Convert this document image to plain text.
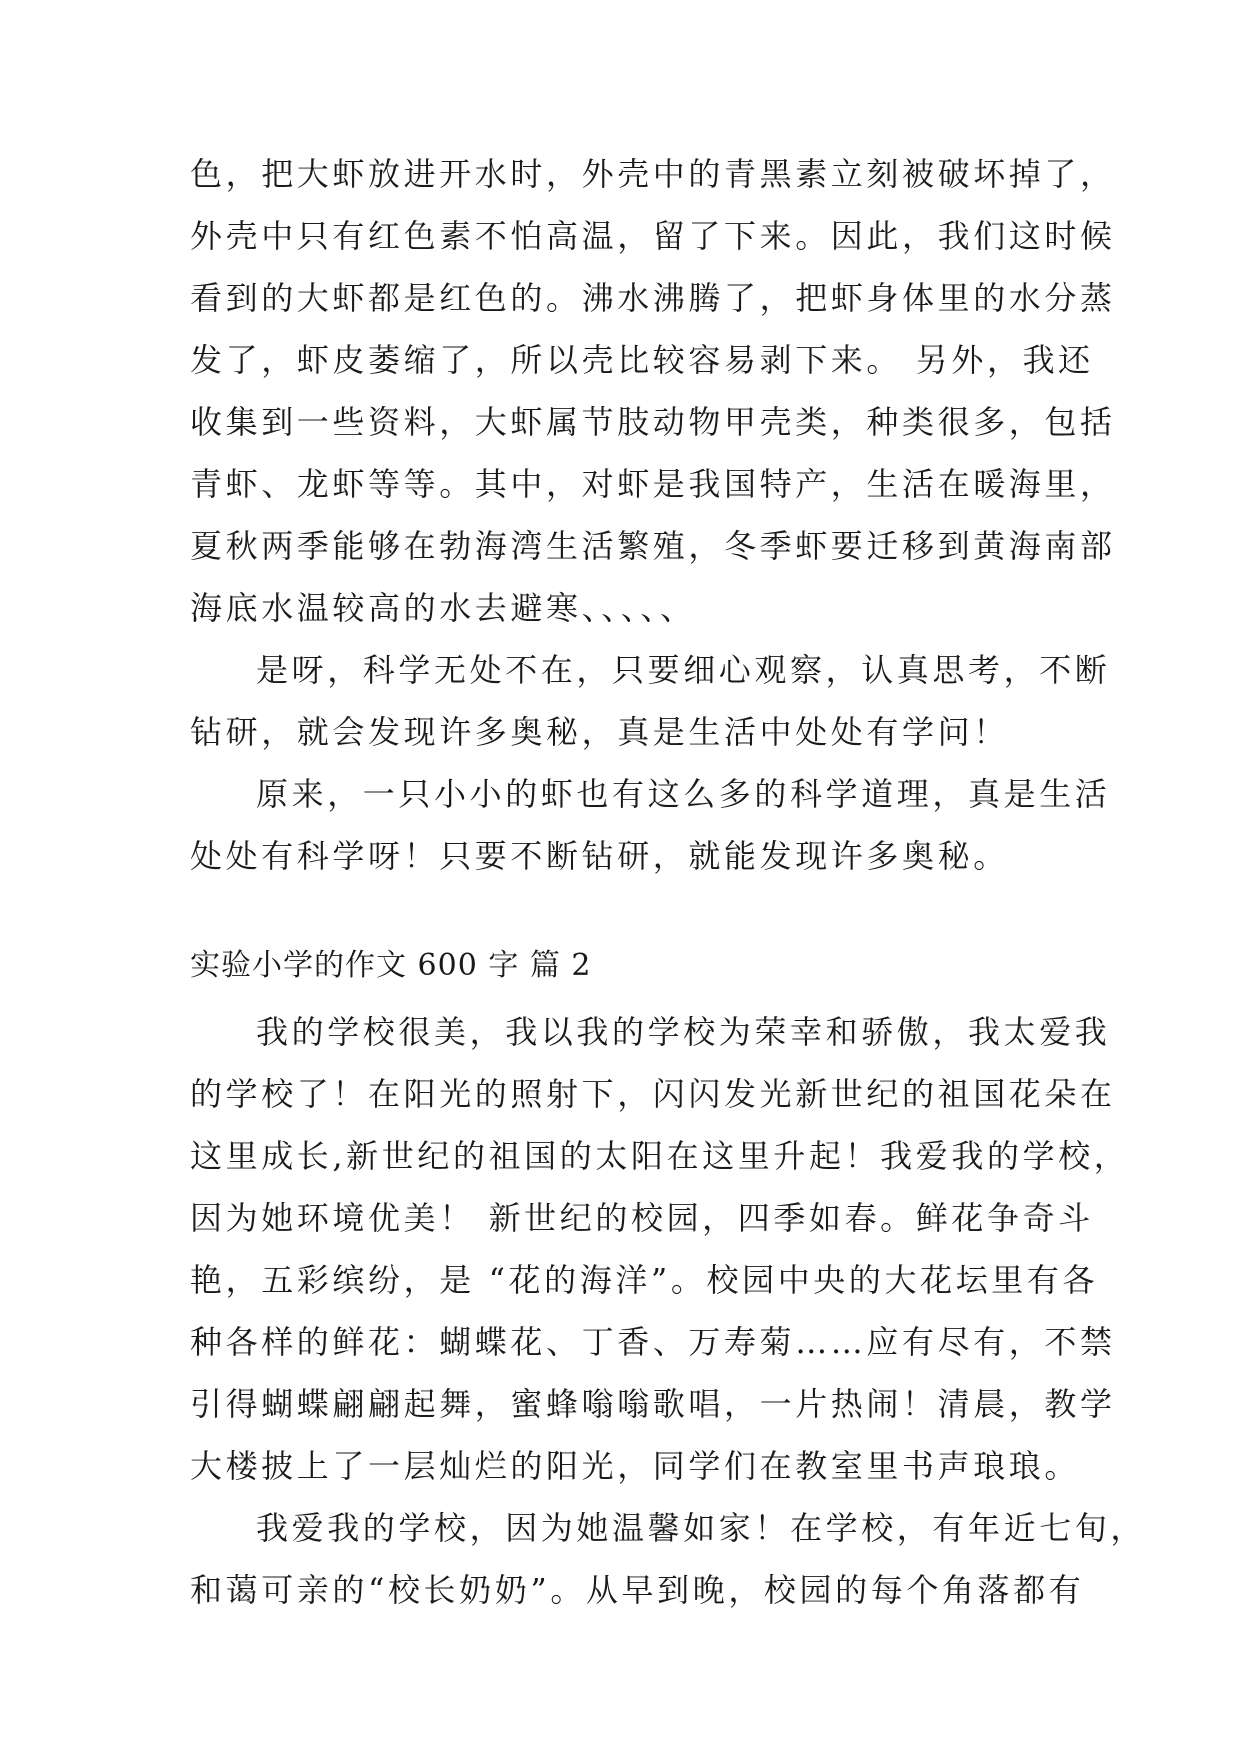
色，把大虾放进开水时，外壳中的青黑素立刻被破坏掉了，
外壳中只有红色素不怕高温，留了下来。因此，我们这时候
看到的大虾都是红色的。沸水沸腾了，把虾身体里的水分蒸
发了，虾皮萎缩了，所以壳比较容易剥下来。 另外，我还
收集到一些资料，大虾属节肢动物甲壳类，种类很多，包括
青虾、龙虾等等。其中，对虾是我国特产，生活在暖海里，
夏秋两季能够在勃海湾生活繁殖，冬季虾要迁移到黄海南部
海底水温较高的水去避寒、、、、、
是呀，科学无处不在，只要细心观察，认真思考，不断
钻研，就会发现许多奥秘，真是生活中处处有学问！
原来，一只小小的虾也有这么多的科学道理，真是生活
处处有科学呀！只要不断钻研，就能发现许多奥秘。
实验小学的作文 600 字 篇 2
我的学校很美，我以我的学校为荣幸和骄傲，我太爱我
的学校了！在阳光的照射下，闪闪发光新世纪的祖国花朵在
这里成长,新世纪的祖国的太阳在这里升起！我爱我的学校，
因为她环境优美！ 新世纪的校园，四季如春。鲜花争奇斗
艳，五彩缤纷，是 “花的海洋”。校园中央的大花坛里有各
种各样的鲜花：蝴蝶花、丁香、万寿菊……应有尽有，不禁
引得蝴蝶翩翩起舞，蜜蜂嗡嗡歌唱，一片热闹！清晨，教学
大楼披上了一层灿烂的阳光，同学们在教室里书声琅琅。
我爱我的学校，因为她温馨如家！在学校，有年近七旬，
和蔼可亲的“校长奶奶”。从早到晚，校园的每个角落都有
